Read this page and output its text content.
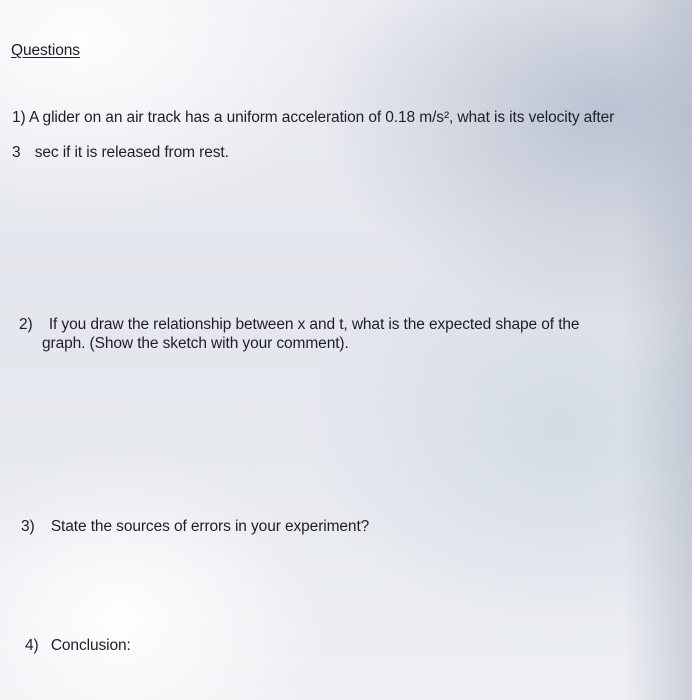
Questions
1) A glider on an air track has a uniform acceleration of 0.18 m/s², what is its velocity after
3 sec if it is released from rest.
2) If you draw the relationship between x and t, what is the expected shape of the
graph. (Show the sketch with your comment).
3) State the sources of errors in your experiment?
4) Conclusion:
